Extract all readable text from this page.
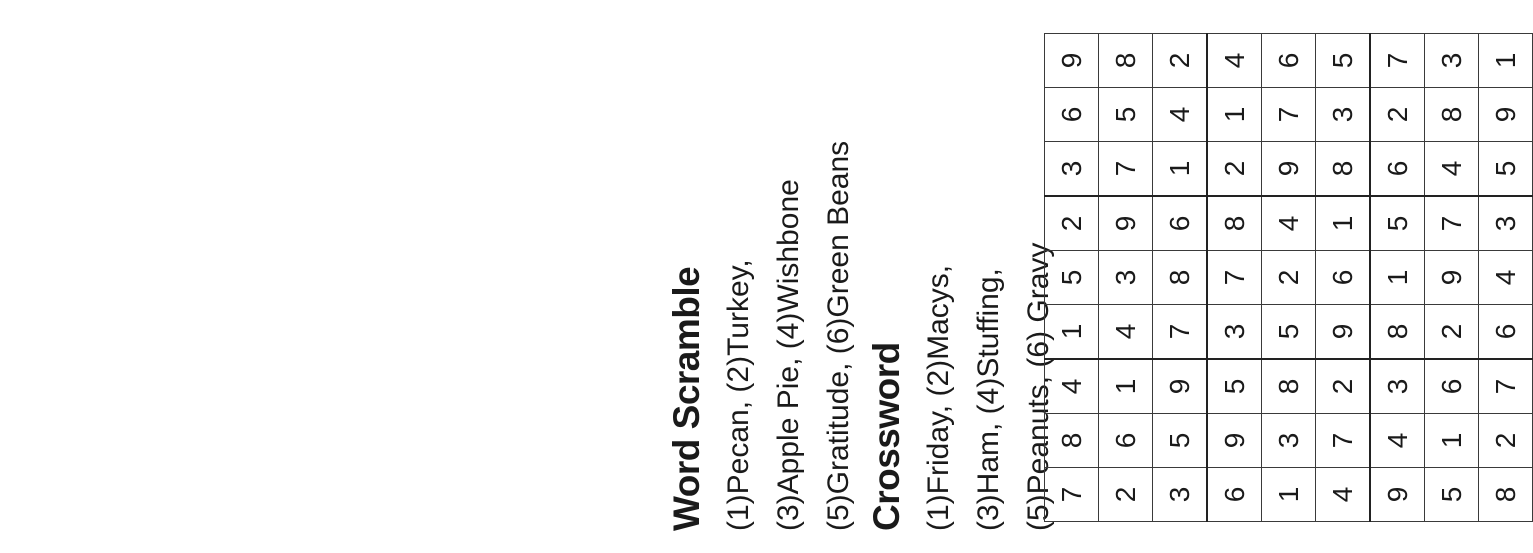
Word Scramble (1)Pecan, (2)Turkey, (3)Apple Pie, (4)Wishbone (5)Gratitude, (6)Green Beans Crossword (1)Friday, (2)Macys, (3)Ham, (4)Stuffing, (5)Peanuts, (6) Gravy 7	8	4	1	5	2	3	6	9
2	6	1	4	3	9	7	5	8
3	5	9	7	8	6	1	4	2
6	9	5	3	7	8	2	1	4
1	3	8	5	2	4	9	7	6
4	7	2	9	6	1	8	3	5
9	4	3	8	1	5	6	2	7
5	1	6	2	9	7	4	8	3
8	2	7	6	4	3	5	9	1
